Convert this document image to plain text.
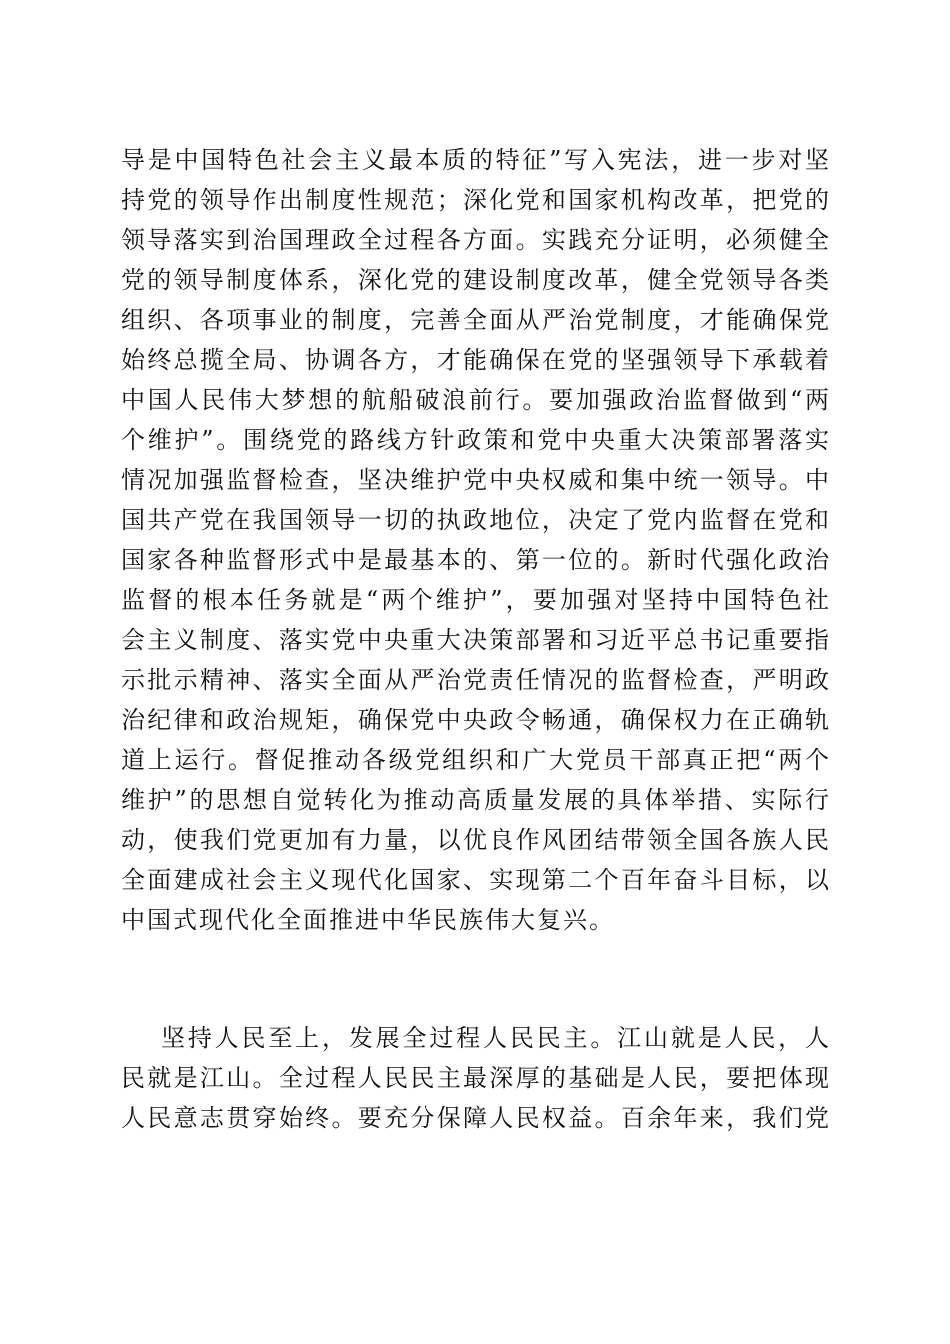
导是中国特色社会主义最本质的特征”写入宪法，进一步对坚
持党的领导作出制度性规范；深化党和国家机构改革，把党的
领导落实到治国理政全过程各方面。实践充分证明，必须健全
党的领导制度体系，深化党的建设制度改革，健全党领导各类
组织、各项事业的制度，完善全面从严治党制度，才能确保党
始终总揽全局、协调各方，才能确保在党的坚强领导下承载着
中国人民伟大梦想的航船破浪前行。要加强政治监督做到“两
个维护”。围绕党的路线方针政策和党中央重大决策部署落实
情况加强监督检查，坚决维护党中央权威和集中统一领导。中
国共产党在我国领导一切的执政地位，决定了党内监督在党和
国家各种监督形式中是最基本的、第一位的。新时代强化政治
监督的根本任务就是“两个维护”，要加强对坚持中国特色社
会主义制度、落实党中央重大决策部署和习近平总书记重要指
示批示精神、落实全面从严治党责任情况的监督检查，严明政
治纪律和政治规矩，确保党中央政令畅通，确保权力在正确轨
道上运行。督促推动各级党组织和广大党员干部真正把“两个
维护”的思想自觉转化为推动高质量发展的具体举措、实际行
动，使我们党更加有力量，以优良作风团结带领全国各族人民
全面建成社会主义现代化国家、实现第二个百年奋斗目标，以
中国式现代化全面推进中华民族伟大复兴。
坚持人民至上，发展全过程人民民主。江山就是人民，人
民就是江山。全过程人民民主最深厚的基础是人民，要把体现
人民意志贯穿始终。要充分保障人民权益。百余年来，我们党
